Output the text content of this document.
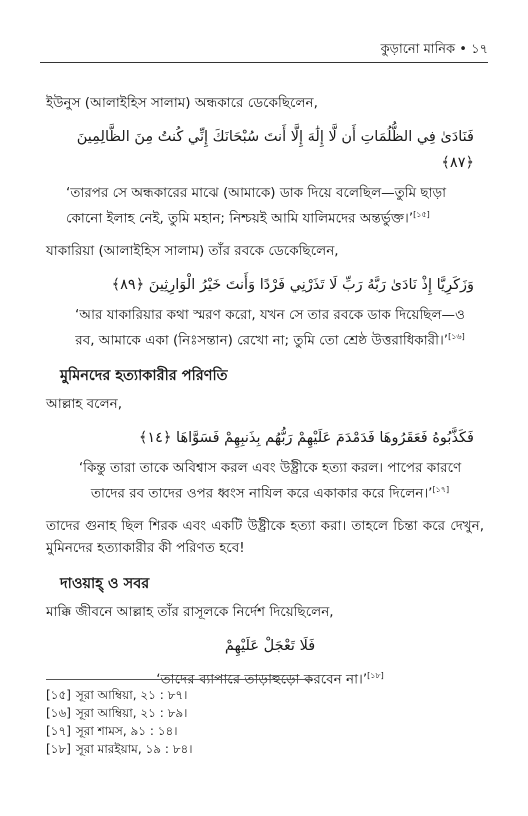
কুড়ানো মানিক • ১৭

ইউনুস (আলাইহিস সালাম) অন্ধকারে ডেকেছিলেন,

فَنَادَىٰ فِي الظُّلُمَاتِ أَن لَّا إِلَٰهَ إِلَّا أَنتَ سُبْحَانَكَ إِنِّي كُنتُ مِنَ الظَّالِمِينَ ﴿٨٧﴾

‘তারপর সে অন্ধকারের মাঝে (আমাকে) ডাক দিয়ে বলেছিল—তুমি ছাড়া কোনো ইলাহ নেই, তুমি মহান; নিশ্চয়ই আমি যালিমদের অন্তর্ভুক্ত।’[১৫]

যাকারিয়া (আলাইহিস সালাম) তাঁর রবকে ডেকেছিলেন,

وَزَكَرِيَّا إِذْ نَادَىٰ رَبَّهُ رَبِّ لَا تَذَرْنِي فَرْدًا وَأَنتَ خَيْرُ الْوَارِثِينَ ﴿٨٩﴾

‘আর যাকারিয়ার কথা স্মরণ করো, যখন সে তার রবকে ডাক দিয়েছিল—ও রব, আমাকে একা (নিঃসন্তান) রেখো না; তুমি তো শ্রেষ্ঠ উত্তরাধিকারী।’[১৬]

মুমিনদের হত্যাকারীর পরিণতি

আল্লাহ বলেন,

فَكَذَّبُوهُ فَعَقَرُوهَا فَدَمْدَمَ عَلَيْهِمْ رَبُّهُم بِذَنبِهِمْ فَسَوَّاهَا ﴿١٤﴾

‘কিন্তু তারা তাকে অবিশ্বাস করল এবং উষ্ট্রীকে হত্যা করল। পাপের কারণে তাদের রব তাদের ওপর ধ্বংস নাযিল করে একাকার করে দিলেন।’[১৭]

তাদের গুনাহ ছিল শিরক এবং একটি উষ্ট্রীকে হত্যা করা। তাহলে চিন্তা করে দেখুন, মুমিনদের হত্যাকারীর কী পরিণত হবে!

দাওয়াহ্ ও সবর

মাক্কি জীবনে আল্লাহ তাঁর রাসূলকে নির্দেশ দিয়েছিলেন,

فَلَا تَعْجَلْ عَلَيْهِمْ

‘তাদের ব্যাপারে তাড়াহুড়ো করবেন না।’[১৮]

[১৫] সূরা আম্বিয়া, ২১ : ৮৭।

[১৬] সূরা আম্বিয়া, ২১ : ৮৯।

[১৭] সূরা শামস, ৯১ : ১৪।

[১৮] সূরা মারইয়াম, ১৯ : ৮৪।
